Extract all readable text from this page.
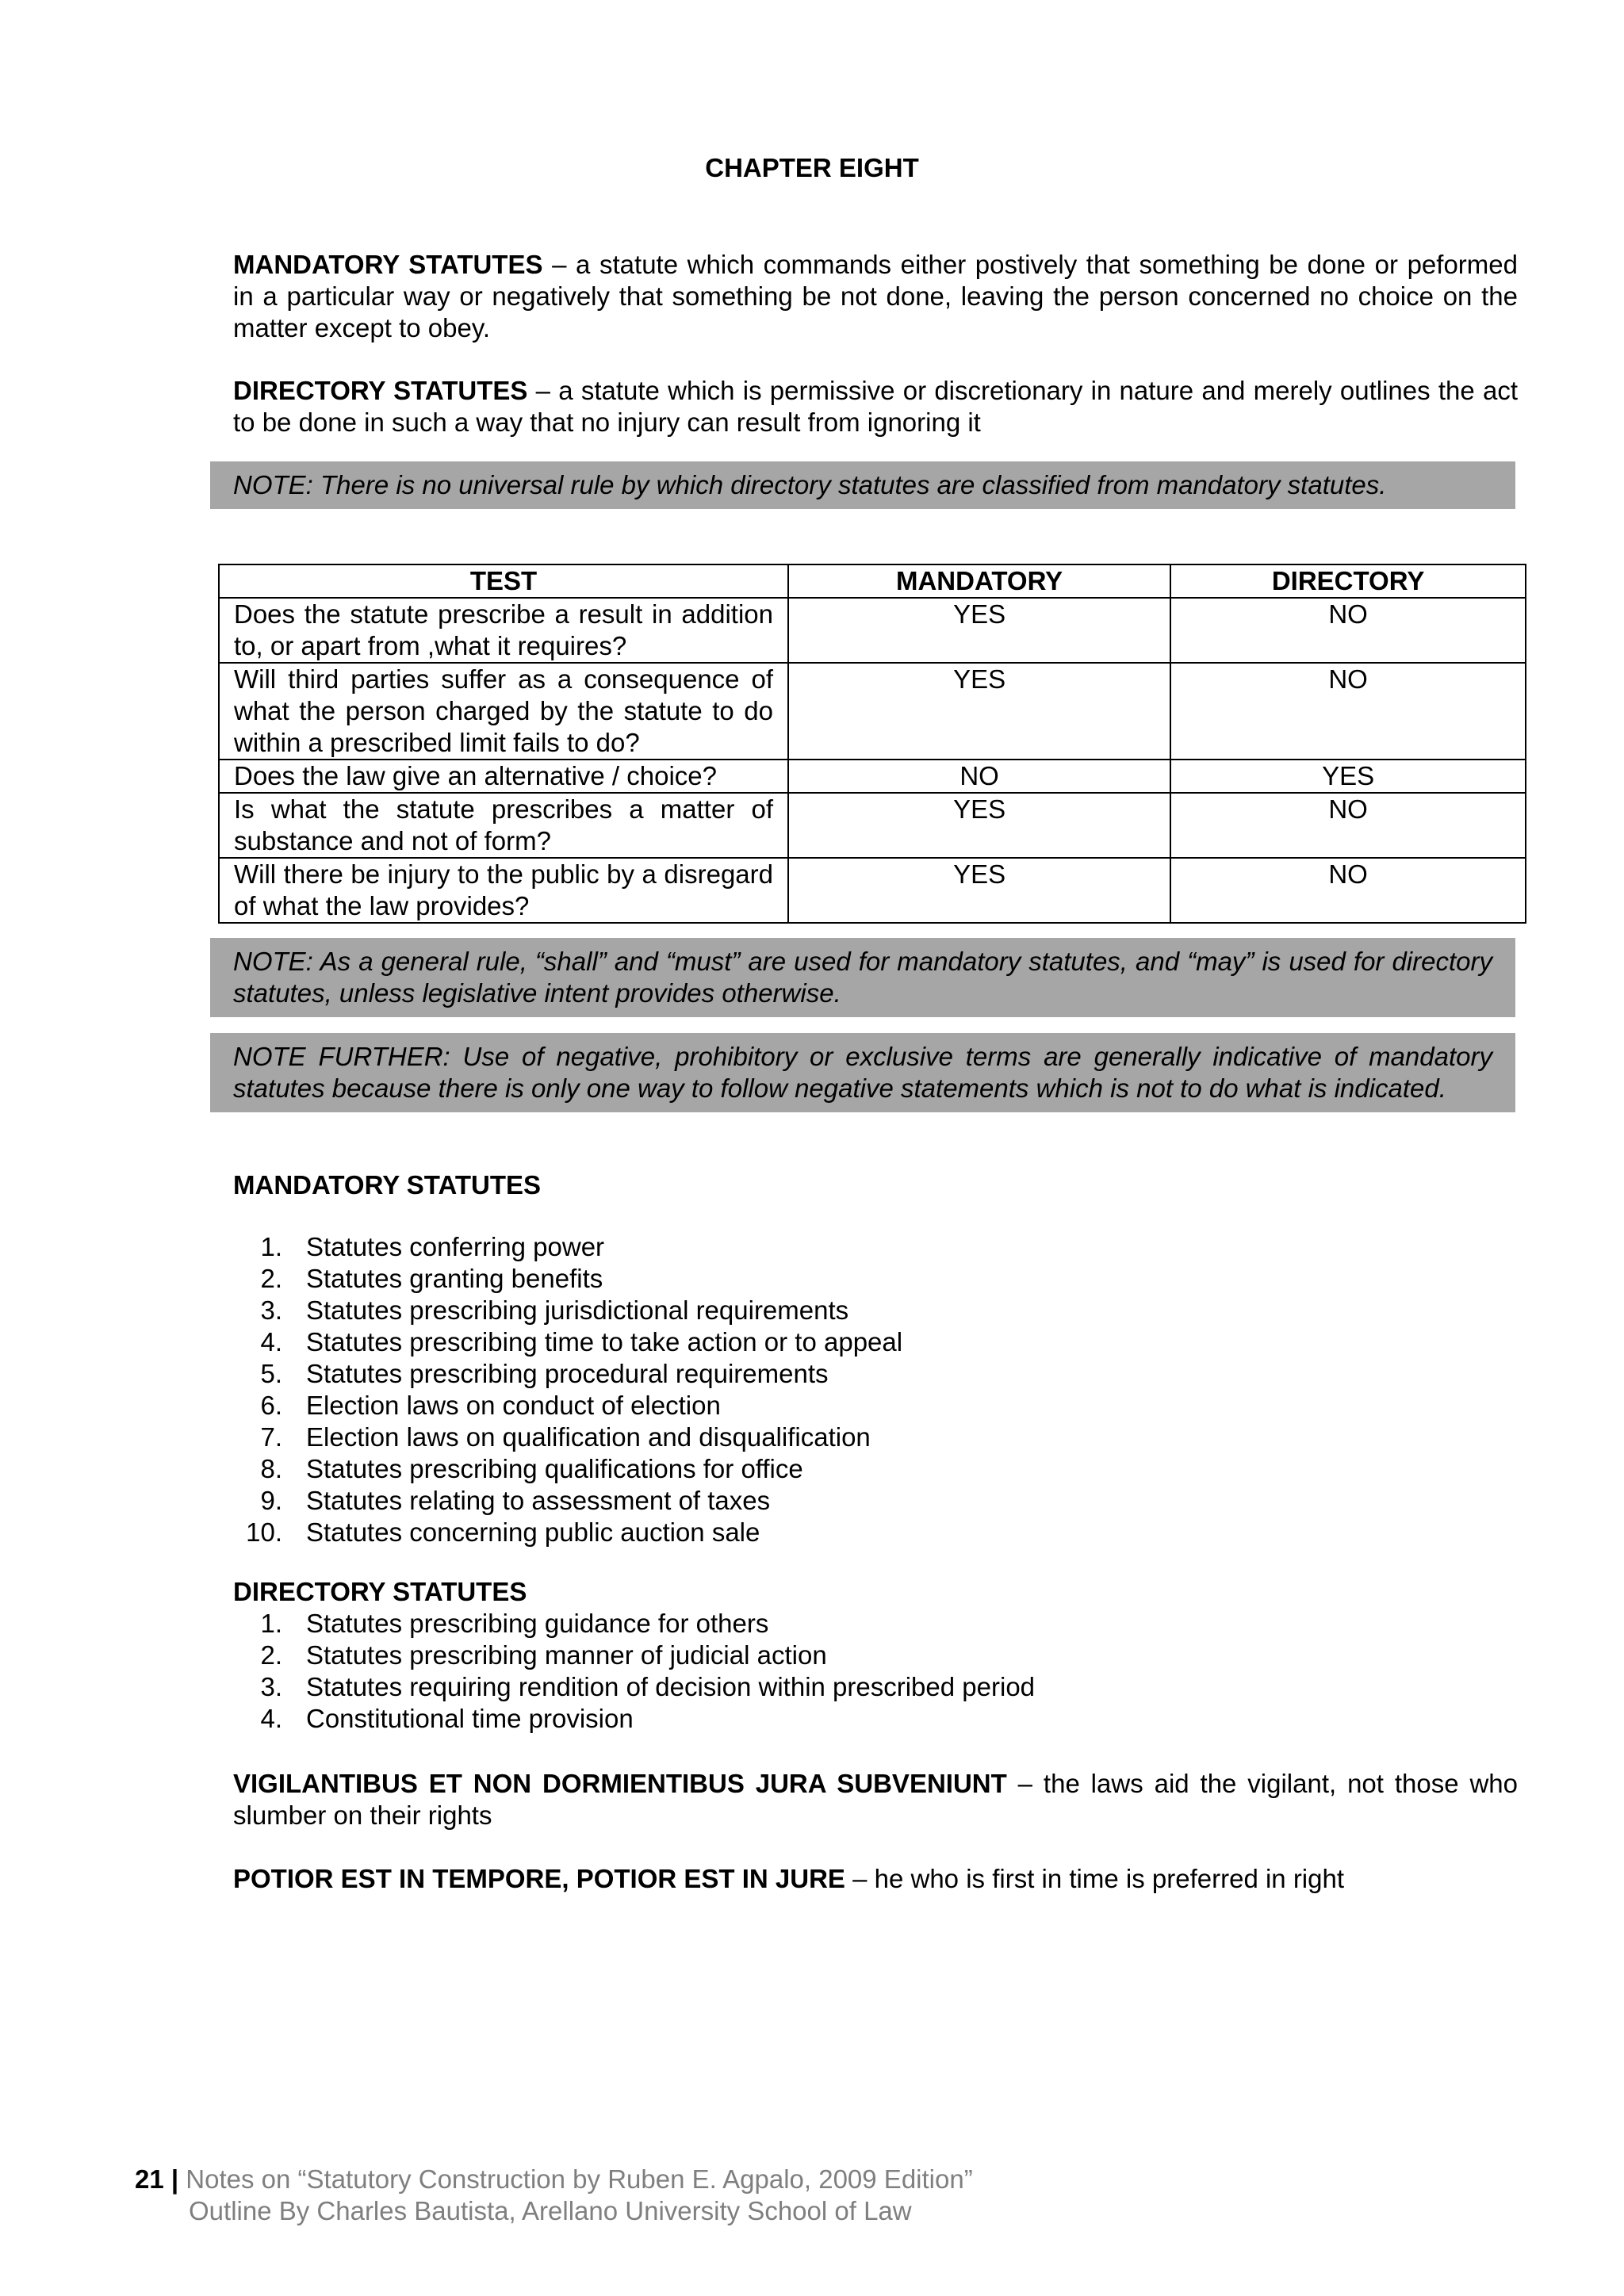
CHAPTER EIGHT
MANDATORY STATUTES – a statute which commands either postively that something be done or peformed in a particular way or negatively that something be not done, leaving the person concerned no choice on the matter except to obey.
DIRECTORY STATUTES – a statute which is permissive or discretionary in nature and merely outlines the act to be done in such a way that no injury can result from ignoring it
NOTE: There is no universal rule by which directory statutes are classified from mandatory statutes.
TEST	MANDATORY	DIRECTORY
Does the statute prescribe a result in addition to, or apart from ,what it requires?	YES	NO
Will third parties suffer as a consequence of what the person charged by the statute to do within a prescribed limit fails to do?	YES	NO
Does the law give an alternative / choice?	NO	YES
Is what the statute prescribes a matter of substance and not of form?	YES	NO
Will there be injury to the public by a disregard of what the law provides?	YES	NO
NOTE: As a general rule, “shall” and “must” are used for mandatory statutes, and “may” is used for directory statutes, unless legislative intent provides otherwise.
NOTE FURTHER: Use of negative, prohibitory or exclusive terms are generally indicative of mandatory statutes because there is only one way to follow negative statements which is not to do what is indicated.
MANDATORY STATUTES
1. Statutes conferring power
2. Statutes granting benefits
3. Statutes prescribing jurisdictional requirements
4. Statutes prescribing time to take action or to appeal
5. Statutes prescribing procedural requirements
6. Election laws on conduct of election
7. Election laws on qualification and disqualification
8. Statutes prescribing qualifications for office
9. Statutes relating to assessment of taxes
10. Statutes concerning public auction sale
DIRECTORY STATUTES
1. Statutes prescribing guidance for others
2. Statutes prescribing manner of judicial action
3. Statutes requiring rendition of decision within prescribed period
4. Constitutional time provision
VIGILANTIBUS ET NON DORMIENTIBUS JURA SUBVENIUNT – the laws aid the vigilant, not those who slumber on their rights
POTIOR EST IN TEMPORE, POTIOR EST IN JURE – he who is first in time is preferred in right
21 | Notes on “Statutory Construction by Ruben E. Agpalo, 2009 Edition”
Outline By Charles Bautista, Arellano University School of Law
